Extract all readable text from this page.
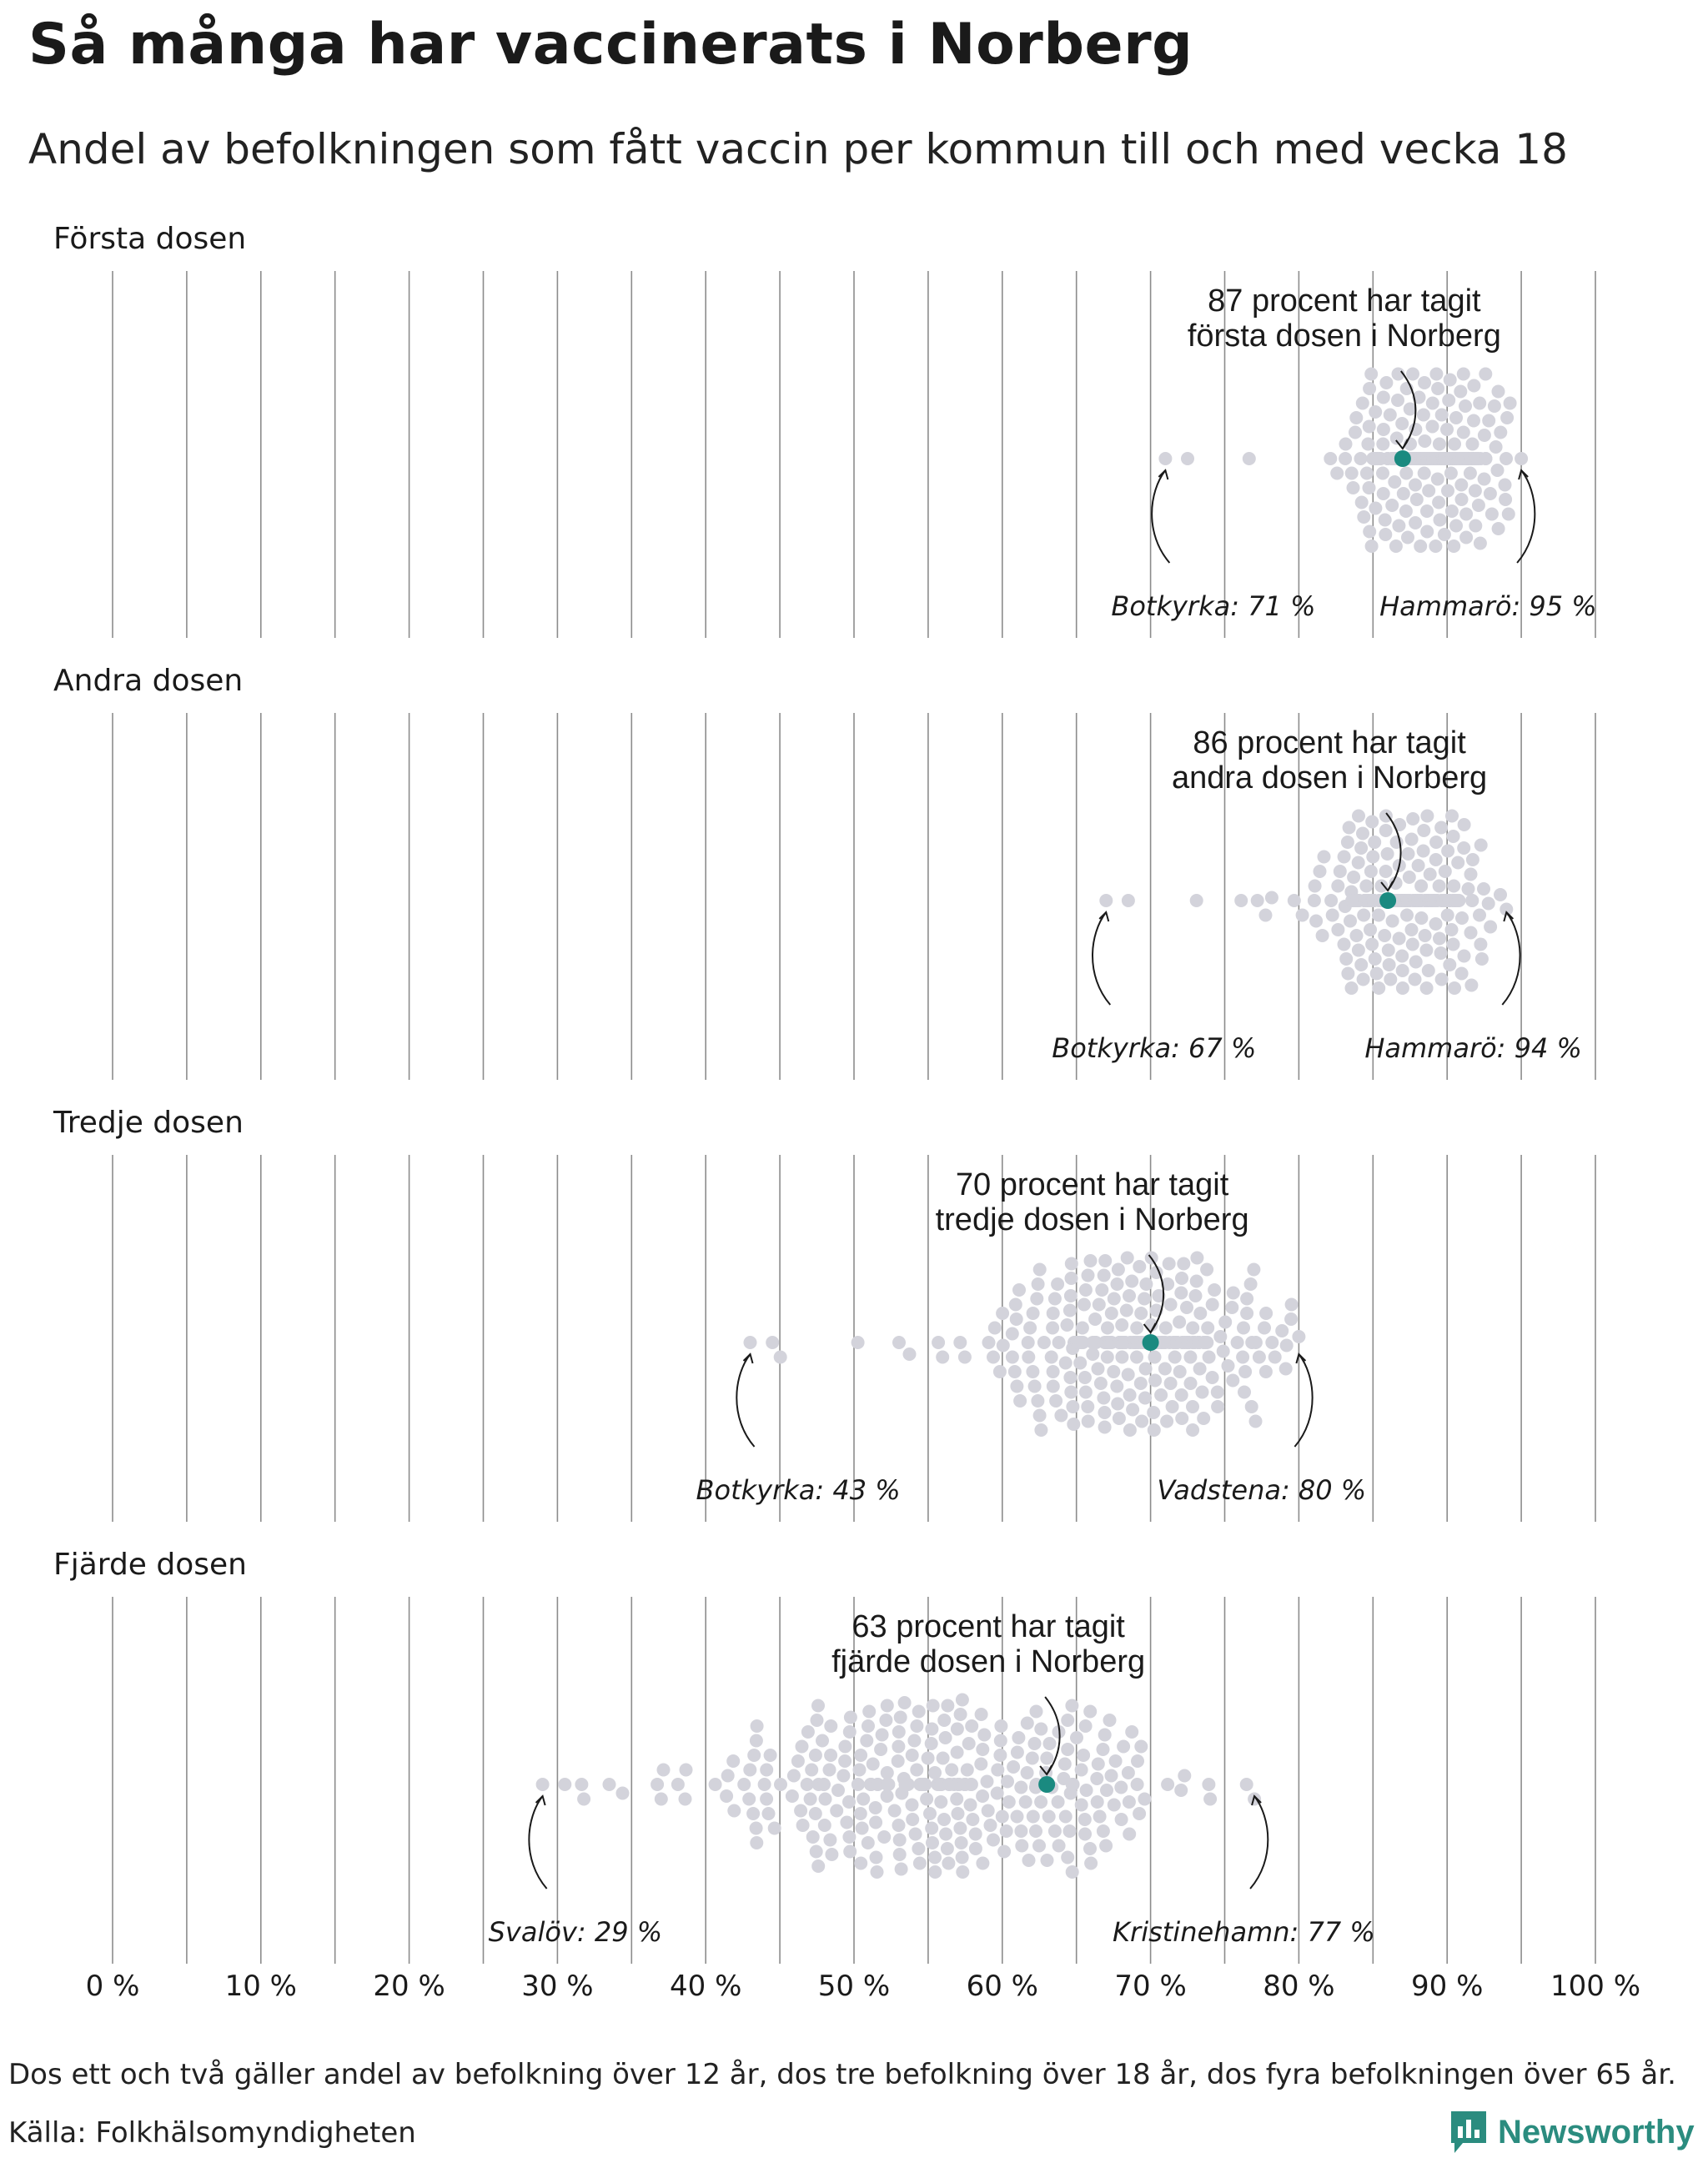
Så många har vaccinerats i Norberg
Andel av befolkningen som fått vaccin per kommun till och med vecka 18
Första dosen
87 procent har tagit
första dosen i Norberg
Botkyrka: 71 % Hammarö: 95 %
Andra dosen
86 procent har tagit
andra dosen i Norberg
Botkyrka: 67 %	Hammarö: 94 %
Tredje dosen
70 procent har tagit
tredje dosen i Norberg
Botkyrka: 43 %	Vadstena: 80 %
Fjärde dosen
63 procent har tagit
fjärde dosen i Norberg
Svalöv: 29 %	Kristinehamn: 77 %
0 %	10 %	20 %	30 %	40 %	50 %	60 %	70 %	80 %	90 % 100 %
Dos ett och två gäller andel av befolkning över 12 år, dos tre befolkning över 18 år, dos fyra befolkningen över 65 år.
Källa: Folkhälsomyndigheten	Newsworthy
